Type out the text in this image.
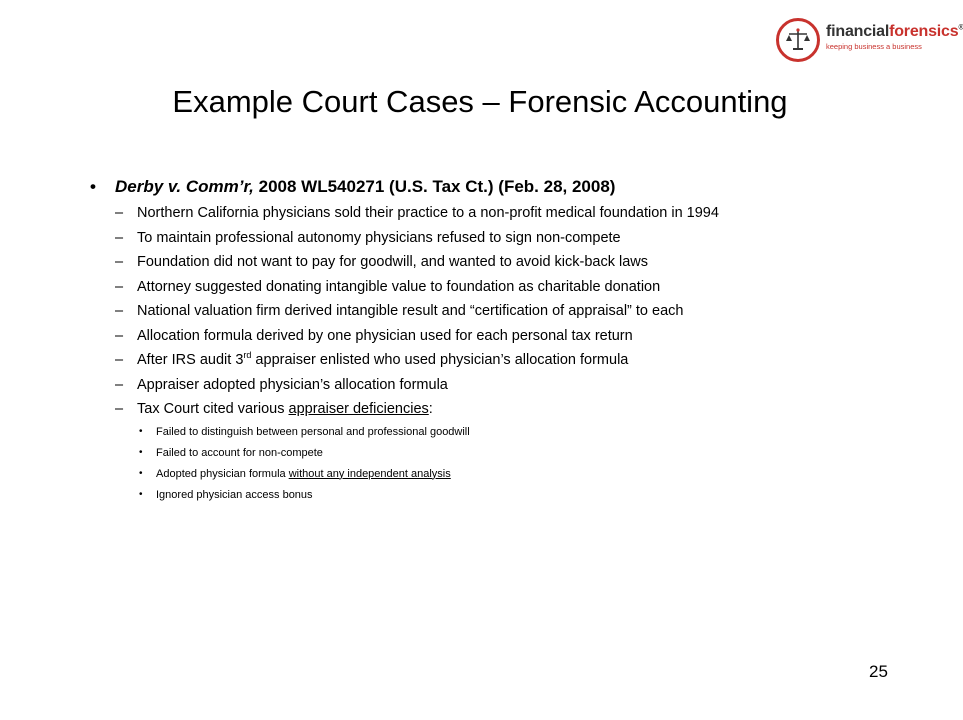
financialforensics®
keeping business a business
Example Court Cases – Forensic Accounting
• Derby v. Comm’r, 2008 WL540271 (U.S. Tax Ct.) (Feb. 28, 2008)
– Northern California physicians sold their practice to a non-profit medical foundation in 1994
– To maintain professional autonomy physicians refused to sign non-compete
– Foundation did not want to pay for goodwill, and wanted to avoid kick-back laws
– Attorney suggested donating intangible value to foundation as charitable donation
– National valuation firm derived intangible result and “certification of appraisal” to each
– Allocation formula derived by one physician used for each personal tax return
– After IRS audit 3rd appraiser enlisted who used physician’s allocation formula
– Appraiser adopted physician’s allocation formula
– Tax Court cited various appraiser deficiencies:
• Failed to distinguish between personal and professional goodwill
• Failed to account for non-compete
• Adopted physician formula without any independent analysis
• Ignored physician access bonus
25
